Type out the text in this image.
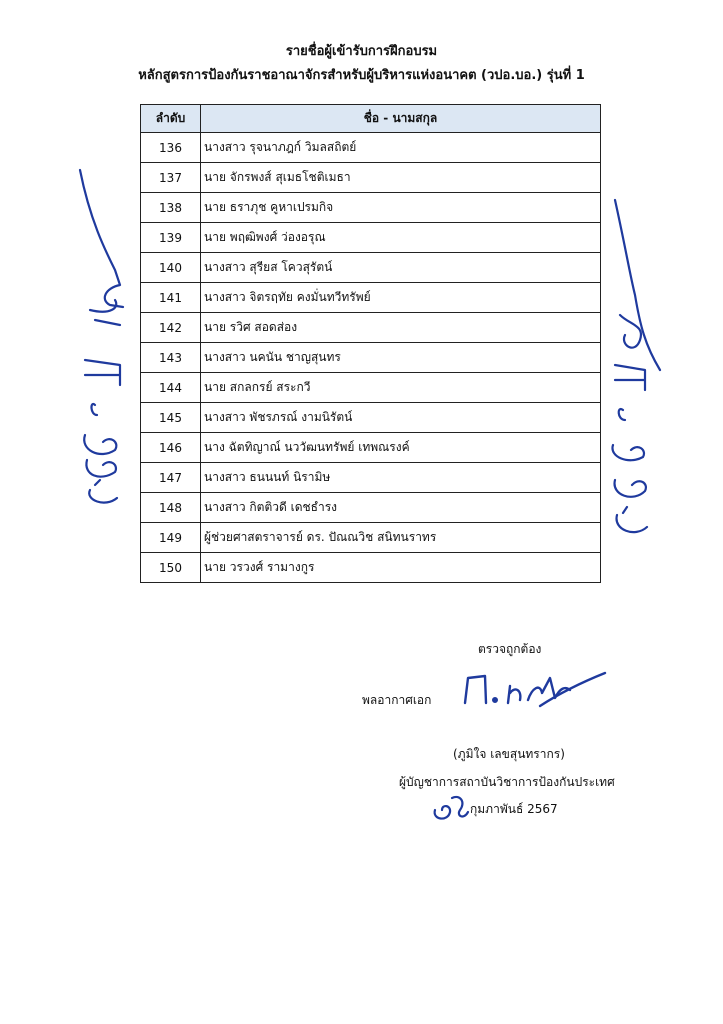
รายชื่อผู้เข้ารับการฝึกอบรม
หลักสูตรการป้องกันราชอาณาจักรสำหรับผู้บริหารแห่งอนาคต (วปอ.บอ.) รุ่นที่ 1
ลำดับ	ชื่อ - นามสกุล
136	นางสาว รุจนาภฎก์ วิมลสถิตย์
137	นาย จักรพงส์ สุเมธโชติเมธา
138	นาย ธราภุช คูหาเปรมกิจ
139	นาย พฤฒิพงศ์ ว่องอรุณ
140	นางสาว สุรียส โควสุรัตน์
141	นางสาว จิตรฤทัย คงมั่นทวีทรัพย์
142	นาย รวิศ สอดส่อง
143	นางสาว นคนัน ชาญสุนทร
144	นาย สกลกรย์ สระกวี
145	นางสาว พัชรภรณ์ งามนิรัตน์
146	นาง ฉัตทิญาณ์ นววัฒนทรัพย์ เทพณรงค์
147	นางสาว ธนนนท์ นิรามิษ
148	นางสาว กิตติวดี เดชธำรง
149	ผู้ช่วยศาสตราจารย์ ดร. ปัณณวิช สนิทนราทร
150	นาย วรวงศ์ รามางกูร
ตรวจถูกต้อง
พลอากาศเอก
(ภูมิใจ เลขสุนทรากร)
ผู้บัญชาการสถาบันวิชาการป้องกันประเทศ
กุมภาพันธ์ 2567
